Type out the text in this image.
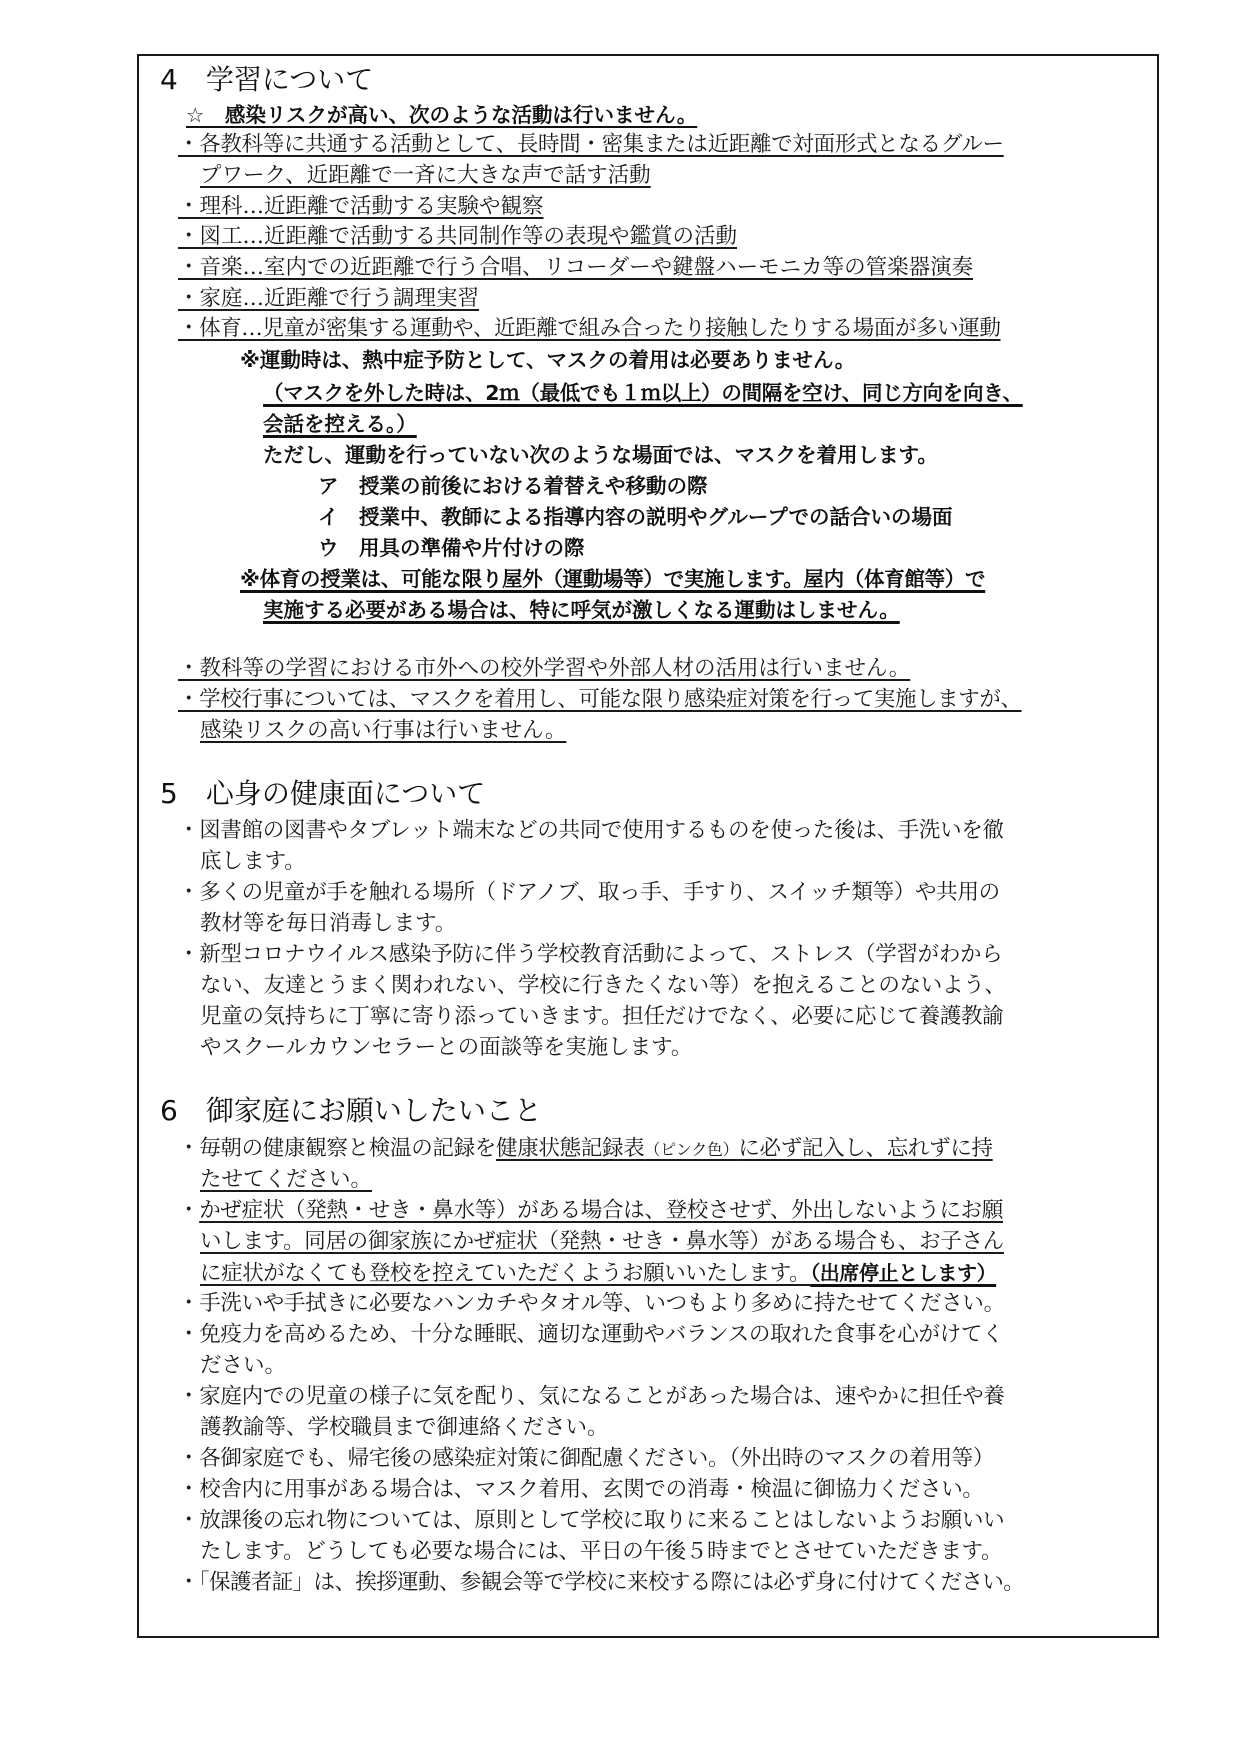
4　学習について
☆　感染リスクが高い、次のような活動は行いません。
・各教科等に共通する活動として、長時間・密集または近距離で対面形式となるグルー
プワーク、近距離で一斉に大きな声で話す活動
・理科…近距離で活動する実験や観察
・図工…近距離で活動する共同制作等の表現や鑑賞の活動
・音楽…室内での近距離で行う合唱、リコーダーや鍵盤ハーモニカ等の管楽器演奏
・家庭…近距離で行う調理実習
・体育…児童が密集する運動や、近距離で組み合ったり接触したりする場面が多い運動
※運動時は、熱中症予防として、マスクの着用は必要ありません。
（マスクを外した時は、2ｍ（最低でも１ｍ以上）の間隔を空け、同じ方向を向き、
会話を控える。）
ただし、運動を行っていない次のような場面では、マスクを着用します。
ア　授業の前後における着替えや移動の際
イ　授業中、教師による指導内容の説明やグループでの話合いの場面
ウ　用具の準備や片付けの際
※体育の授業は、可能な限り屋外（運動場等）で実施します。屋内（体育館等）で
実施する必要がある場合は、特に呼気が激しくなる運動はしません。
・教科等の学習における市外への校外学習や外部人材の活用は行いません。
・学校行事については、マスクを着用し、可能な限り感染症対策を行って実施しますが、
感染リスクの高い行事は行いません。
5　心身の健康面について
・図書館の図書やタブレット端末などの共同で使用するものを使った後は、手洗いを徹
底します。
・多くの児童が手を触れる場所（ドアノブ、取っ手、手すり、スイッチ類等）や共用の
教材等を毎日消毒します。
・新型コロナウイルス感染予防に伴う学校教育活動によって、ストレス（学習がわから
ない、友達とうまく関われない、学校に行きたくない等）を抱えることのないよう、
児童の気持ちに丁寧に寄り添っていきます。担任だけでなく、必要に応じて養護教諭
やスクールカウンセラーとの面談等を実施します。
6　御家庭にお願いしたいこと
・毎朝の健康観察と検温の記録を健康状態記録表（ピンク色）に必ず記入し、忘れずに持
たせてください。
・かぜ症状（発熱・せき・鼻水等）がある場合は、登校させず、外出しないようにお願
いします。同居の御家族にかぜ症状（発熱・せき・鼻水等）がある場合も、お子さん
に症状がなくても登校を控えていただくようお願いいたします。（出席停止とします）
・手洗いや手拭きに必要なハンカチやタオル等、いつもより多めに持たせてください。
・免疫力を高めるため、十分な睡眠、適切な運動やバランスの取れた食事を心がけてく
ださい。
・家庭内での児童の様子に気を配り、気になることがあった場合は、速やかに担任や養
護教諭等、学校職員まで御連絡ください。
・各御家庭でも、帰宅後の感染症対策に御配慮ください。（外出時のマスクの着用等）
・校舎内に用事がある場合は、マスク着用、玄関での消毒・検温に御協力ください。
・放課後の忘れ物については、原則として学校に取りに来ることはしないようお願いい
たします。どうしても必要な場合には、平日の午後５時までとさせていただきます。
・「保護者証」は、挨拶運動、参観会等で学校に来校する際には必ず身に付けてください。
